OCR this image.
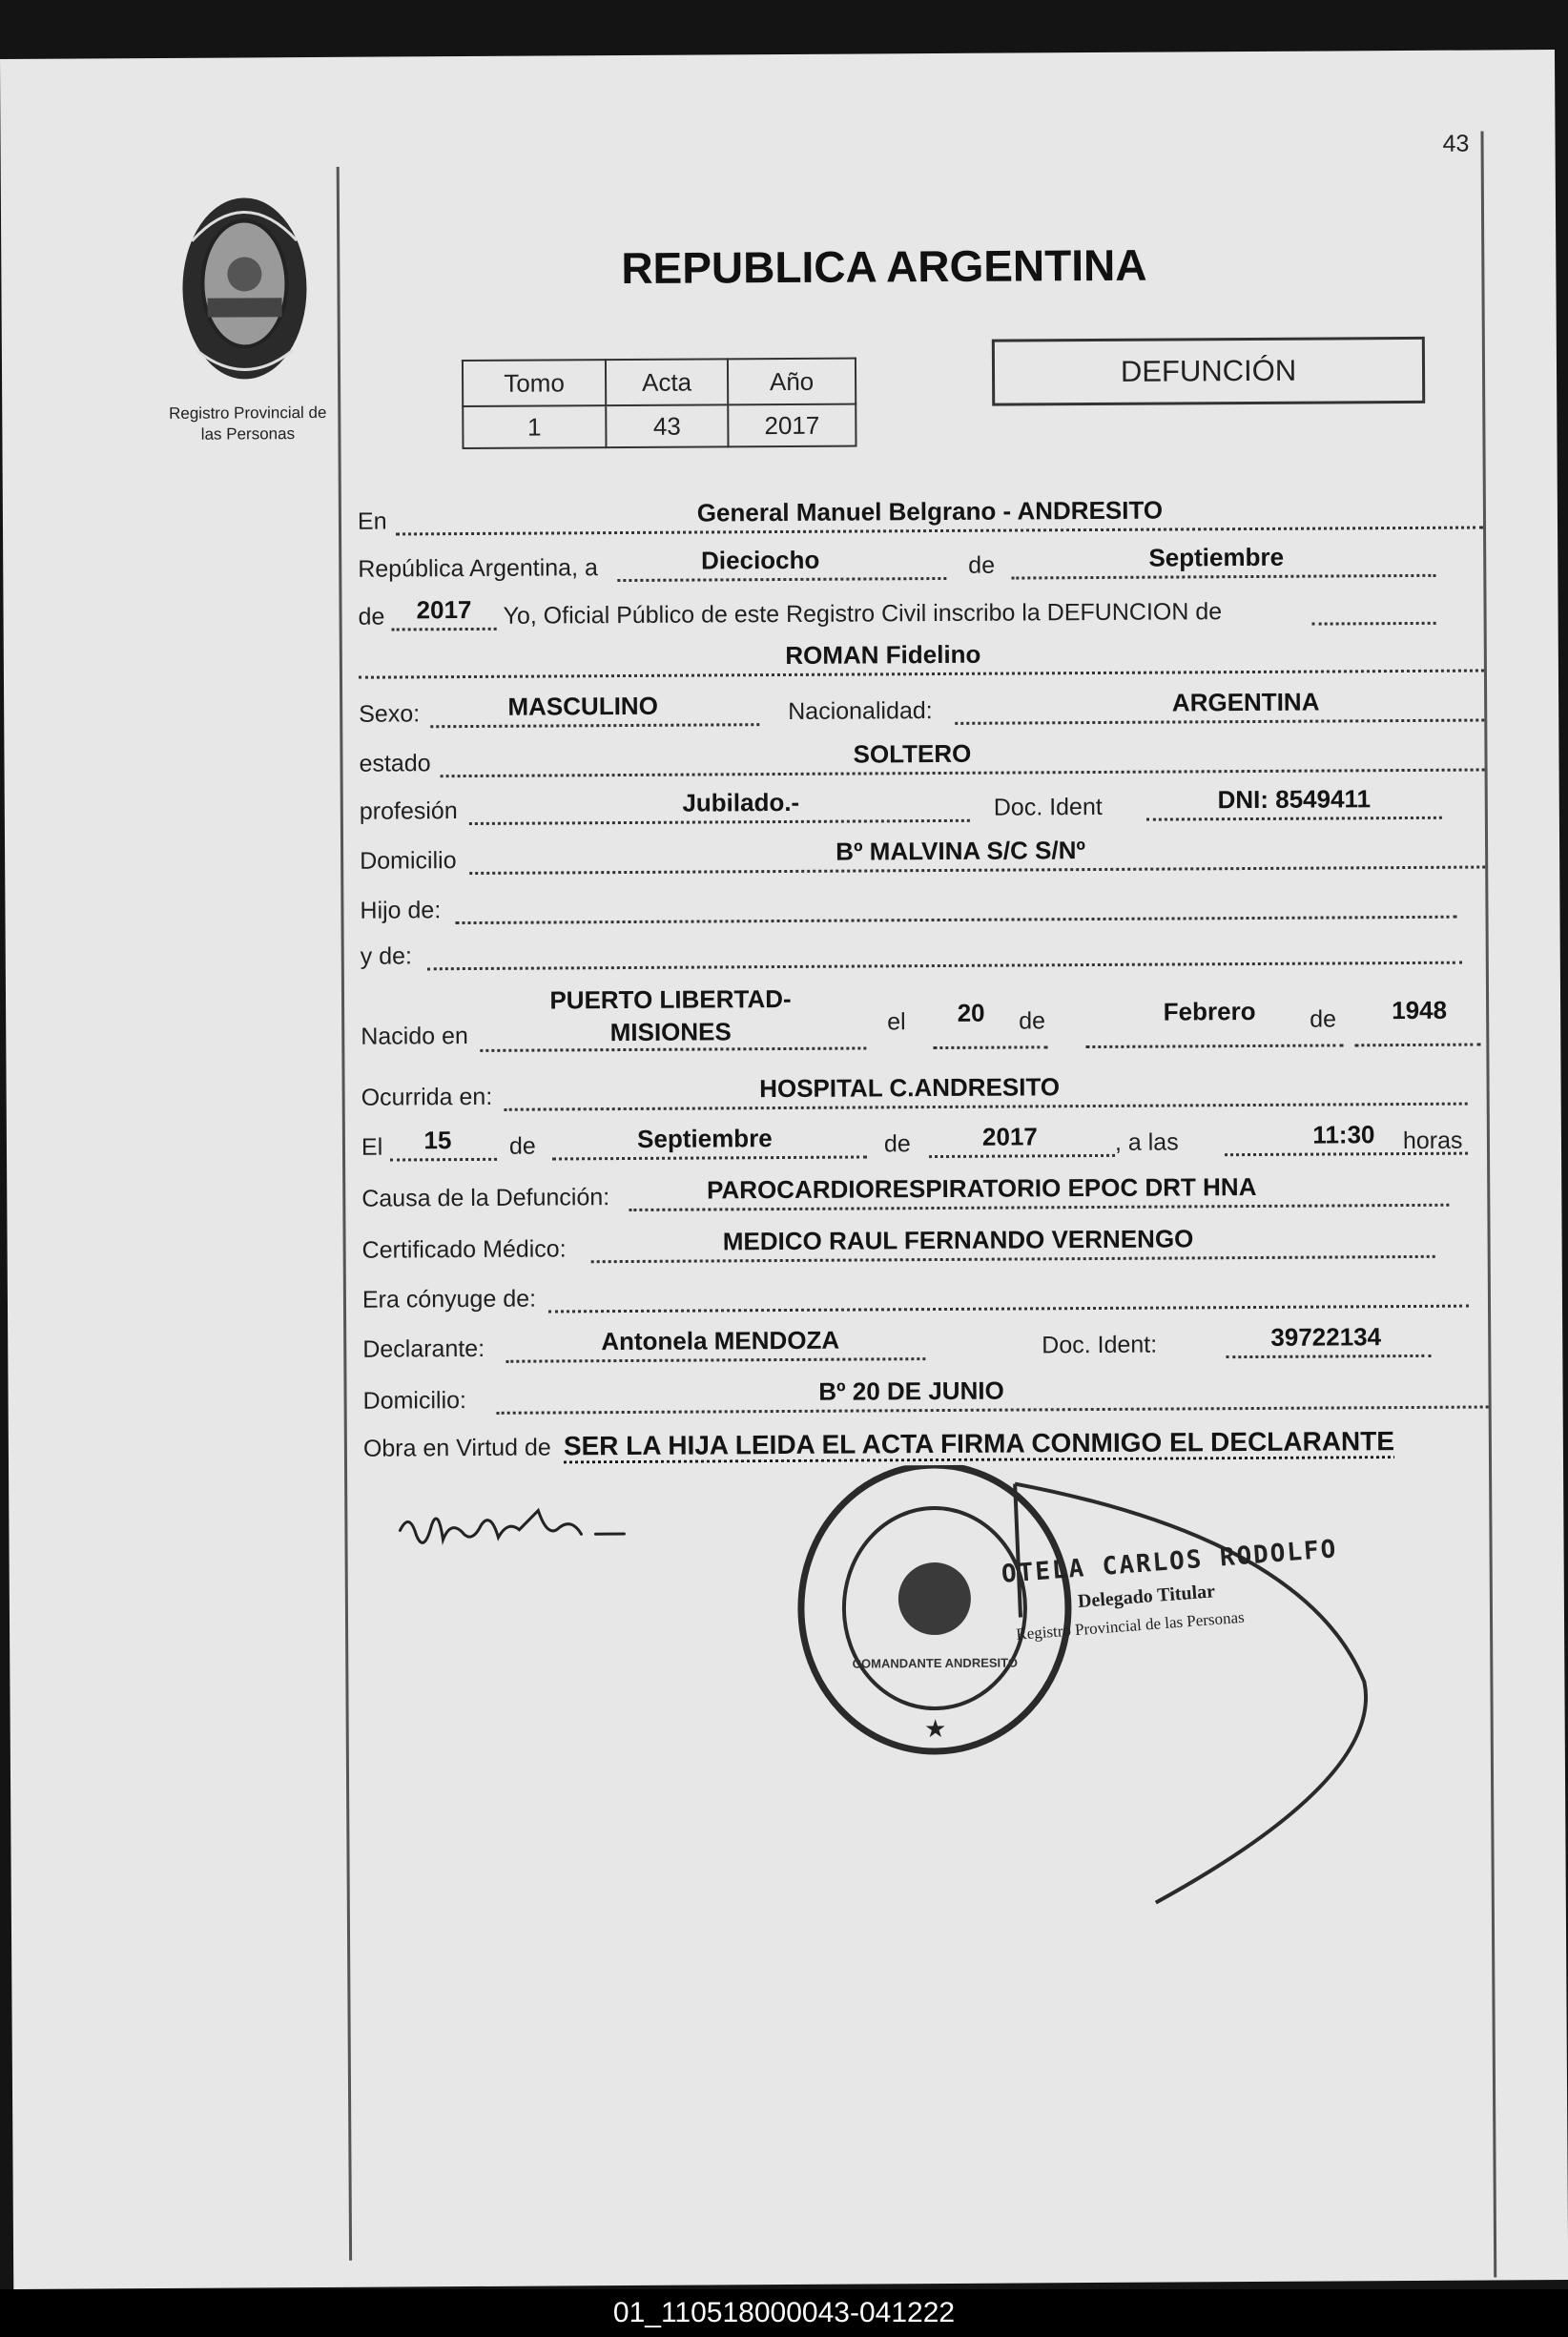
43
Registro Provincial de
las Personas
REPUBLICA ARGENTINA
Tomo	Acta	Año
1	43	2017
DEFUNCIÓN
En	General Manuel Belgrano - ANDRESITO
República Argentina, a	Dieciocho	de	Septiembre
de	2017	Yo, Oficial Público de este Registro Civil inscribo la DEFUNCION de
ROMAN Fidelino
Sexo:	MASCULINO	Nacionalidad:	ARGENTINA
estado	SOLTERO
profesión	Jubilado.-	Doc. Ident	DNI: 8549411
Domicilio	Bº MALVINA S/C S/Nº
Hijo de:
y de:
Nacido en
PUERTO LIBERTAD-
MISIONES	el	20	de	Febrero	de	1948
Ocurrida en:	HOSPITAL C.ANDRESITO
El	15	de	Septiembre	de	2017	, a las	11:30	horas
Causa de la Defunción:	PAROCARDIORESPIRATORIO EPOC DRT HNA
Certificado Médico:	MEDICO RAUL FERNANDO VERNENGO
Era cónyuge de:
Declarante:	Antonela MENDOZA	Doc. Ident:	39722134
Domicilio:	Bº 20 DE JUNIO
Obra en Virtud de SER LA HIJA LEIDA EL ACTA FIRMA CONMIGO EL DECLARANTE
★
COMANDANTE ANDRESITO
OTELA CARLOS RODOLFO
Delegado Titular
Registro Provincial de las Personas
01_110518000043-041222
